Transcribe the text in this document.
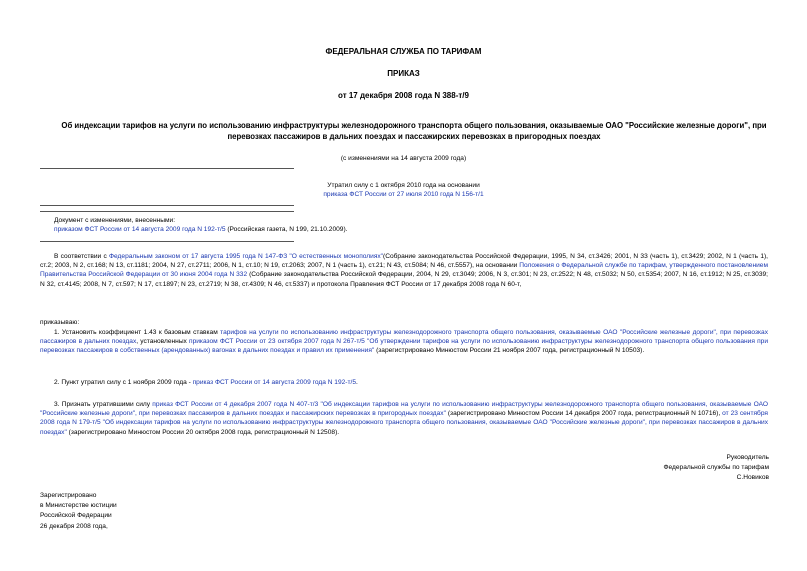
ФЕДЕРАЛЬНАЯ СЛУЖБА ПО ТАРИФАМ
ПРИКАЗ
от 17 декабря 2008 года N 388-т/9
Об индексации тарифов на услуги по использованию инфраструктуры железнодорожного транспорта общего пользования, оказываемые ОАО "Российские железные дороги", при перевозках пассажиров в дальних поездах и пассажирских перевозках в пригородных поездах
(с изменениями на 14 августа 2009 года)
Утратил силу с 1 октября 2010 года на основании
приказа ФСТ России от 27 июля 2010 года N 156-т/1
Документ с изменениями, внесенными:
приказом ФСТ России от 14 августа 2009 года N 192-т/5 (Российская газета, N 199, 21.10.2009).
В соответствии с Федеральным законом от 17 августа 1995 года N 147-ФЗ "О естественных монополиях"(Собрание законодательства Российской Федерации, 1995, N 34, ст.3426; 2001, N 33 (часть 1), ст.3429; 2002, N 1 (часть 1), ст.2; 2003, N 2, ст.168; N 13, ст.1181; 2004, N 27, ст.2711; 2006, N 1, ст.10; N 19, ст.2063; 2007, N 1 (часть 1), ст.21; N 43, ст.5084; N 46, ст.5557), на основании Положения о Федеральной службе по тарифам, утвержденного постановлением Правительства Российской Федерации от 30 июня 2004 года N 332 (Собрание законодательства Российской Федерации, 2004, N 29, ст.3049; 2006, N 3, ст.301; N 23, ст.2522; N 48, ст.5032; N 50, ст.5354; 2007, N 16, ст.1912; N 25, ст.3039; N 32, ст.4145; 2008, N 7, ст.597; N 17, ст.1897; N 23, ст.2719; N 38, ст.4309; N 46, ст.5337) и протокола Правления ФСТ России от 17 декабря 2008 года N 60-т,
приказываю:
1. Установить коэффициент 1.43 к базовым ставкам тарифов на услуги по использованию инфраструктуры железнодорожного транспорта общего пользования, оказываемые ОАО "Российские железные дороги", при перевозках пассажиров в дальних поездах, установленных приказом ФСТ России от 23 октября 2007 года N 267-т/5 "Об утверждении тарифов на услуги по использованию инфраструктуры железнодорожного транспорта общего пользования при перевозках пассажиров в собственных (арендованных) вагонах в дальних поездах и правил их применения" (зарегистрировано Минюстом России 21 ноября 2007 года, регистрационный N 10503).
2. Пункт утратил силу с 1 ноября 2009 года - приказ ФСТ России от 14 августа 2009 года N 192-т/5.
3. Признать утратившими силу приказ ФСТ России от 4 декабря 2007 года N 407-т/3 "Об индексации тарифов на услуги по использованию инфраструктуры железнодорожного транспорта общего пользования, оказываемые ОАО "Российские железные дороги", при перевозках пассажиров в дальних поездах и пассажирских перевозках в пригородных поездах" (зарегистрировано Минюстом России 14 декабря 2007 года, регистрационный N 10716), от 23 сентября 2008 года N 179-т/5 "Об индексации тарифов на услуги по использованию инфраструктуры железнодорожного транспорта общего пользования, оказываемые ОАО "Российские железные дороги", при перевозках пассажиров в дальних поездах" (зарегистрировано Минюстом России 20 октября 2008 года, регистрационный N 12508).
Руководитель
Федеральной службы по тарифам
С.Новиков
Зарегистрировано
в Министерстве юстиции
Российской Федерации
26 декабря 2008 года,
